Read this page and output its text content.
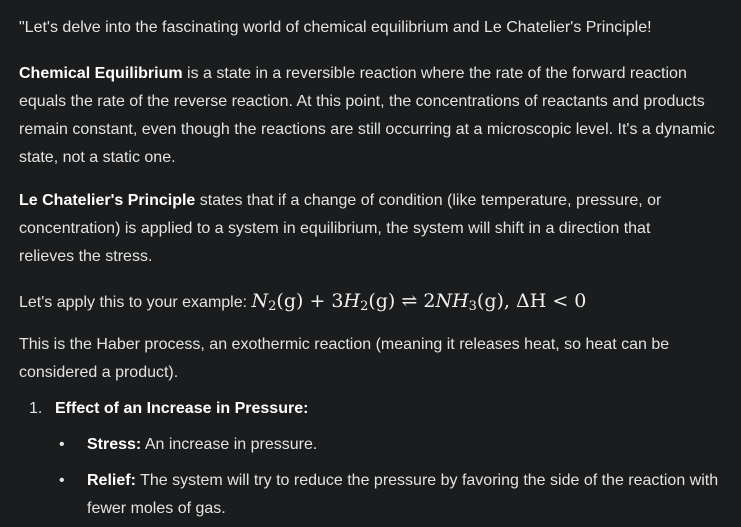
"Let's delve into the fascinating world of chemical equilibrium and Le Chatelier's Principle!

Chemical Equilibrium is a state in a reversible reaction where the rate of the forward reaction equals the rate of the reverse reaction. At this point, the concentrations of reactants and products remain constant, even though the reactions are still occurring at a microscopic level. It's a dynamic state, not a static one.

Le Chatelier's Principle states that if a change of condition (like temperature, pressure, or concentration) is applied to a system in equilibrium, the system will shift in a direction that relieves the stress.

Let's apply this to your example: $N_2(g) + 3H_2(g)$ ⇌ $2NH_3(g)$, ΔH < 0

This is the Haber process, an exothermic reaction (meaning it releases heat, so heat can be considered a product).

1. Effect of an Increase in Pressure:
•	Stress: An increase in pressure.
•	Relief: The system will try to reduce the pressure by favoring the side of the reaction with fewer moles of gas.
